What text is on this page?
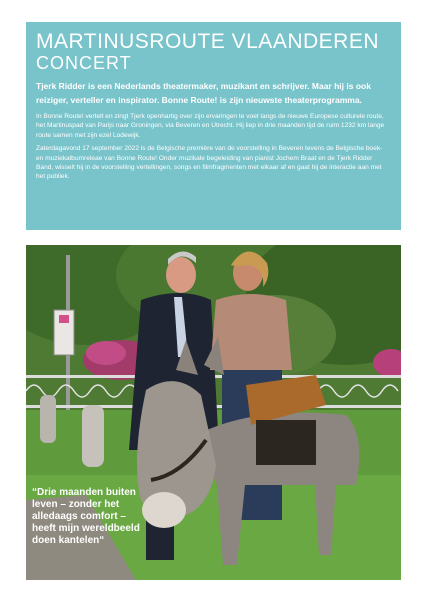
MARTINUSROUTE VLAANDEREN
CONCERT

Tjerk Ridder is een Nederlands theatermaker, muzikant en schrijver. Maar hij is ook reiziger, verteller en inspirator. Bonne Route! is zijn nieuwste theaterprogramma.

In Bonne Route! vertelt en zingt Tjerk openhartig over zijn ervaringen te voet langs de nieuwe Europese culturele route, het Martinuspad van Parijs naar Groningen, via Beveren en Utrecht. Hij liep in drie maanden tijd de ruim 1232 km lange route samen met zijn ezel Lodewijk.

Zaterdagavond 17 september 2022 is de Belgische première van de voorstelling in Beveren tevens de Belgische boek- en muziekalbumreleae van Bonne Route! Onder muzikale begeleiding van pianist Jochem Braat en de Tjerk Ridder Band, wisselt hij in de voorstelling vertellingen, songs en filmfragmenten met elkaar af en gaat hij de interactie aan met het publiek.

“Drie maanden buiten leven – zonder het alledaags comfort – heeft mijn wereldbeeld doen kantelen“
